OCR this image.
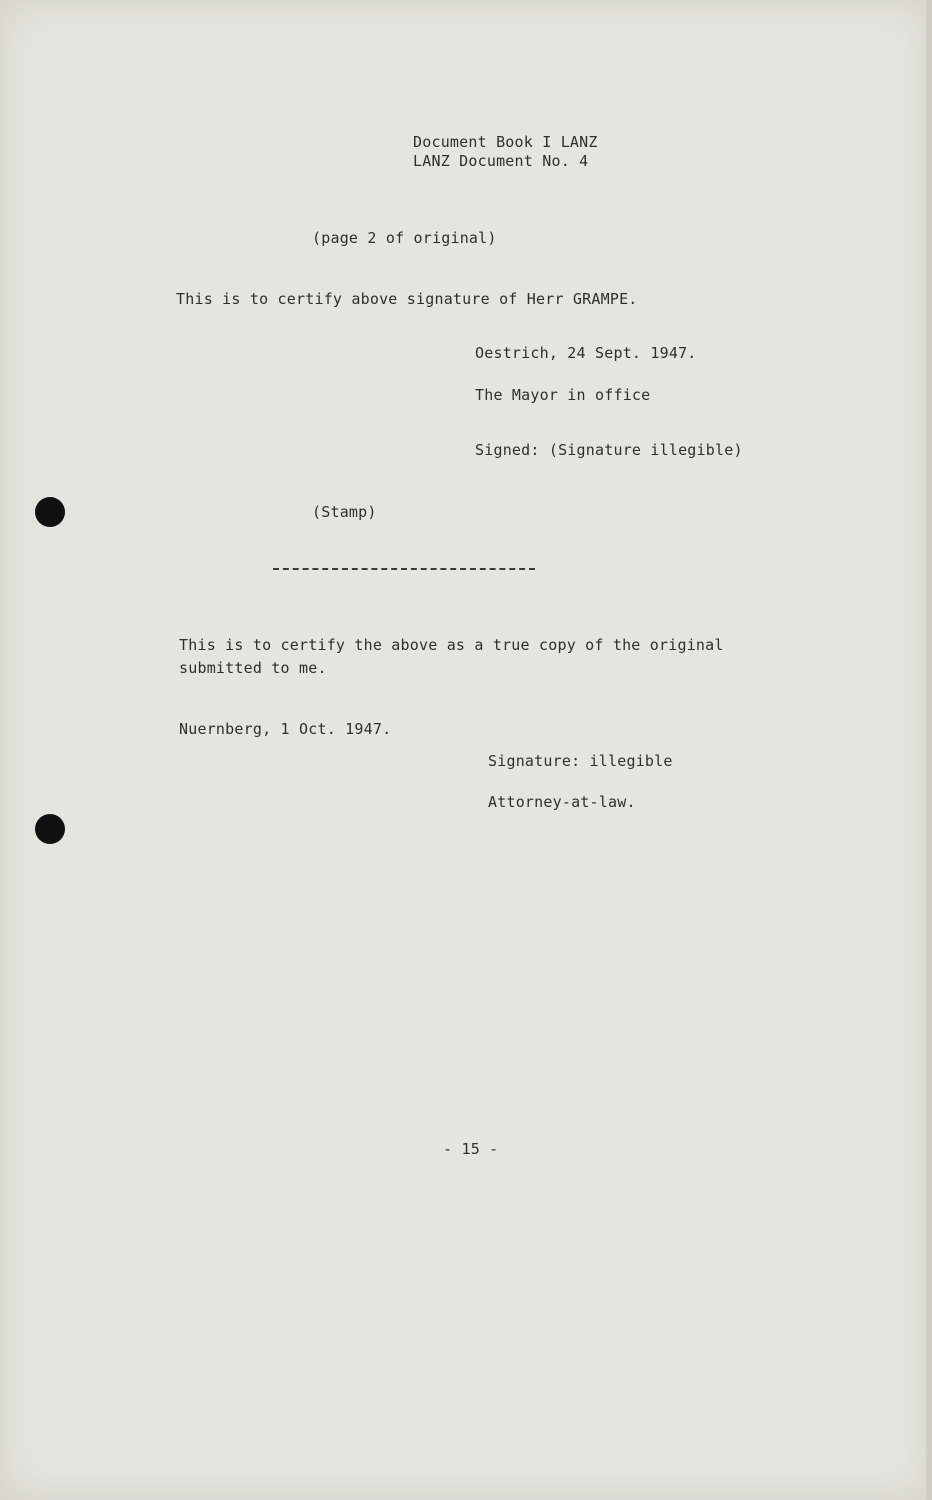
Document Book I LANZ
LANZ Document No. 4
(page 2 of original)
This is to certify above signature of Herr GRAMPE.
Oestrich, 24 Sept. 1947.
The Mayor in office
Signed: (Signature illegible)
(Stamp)
This is to certify the above as a true copy of the original
submitted to me.
Nuernberg, 1 Oct. 1947.
Signature: illegible
Attorney-at-law.
- 15 -
